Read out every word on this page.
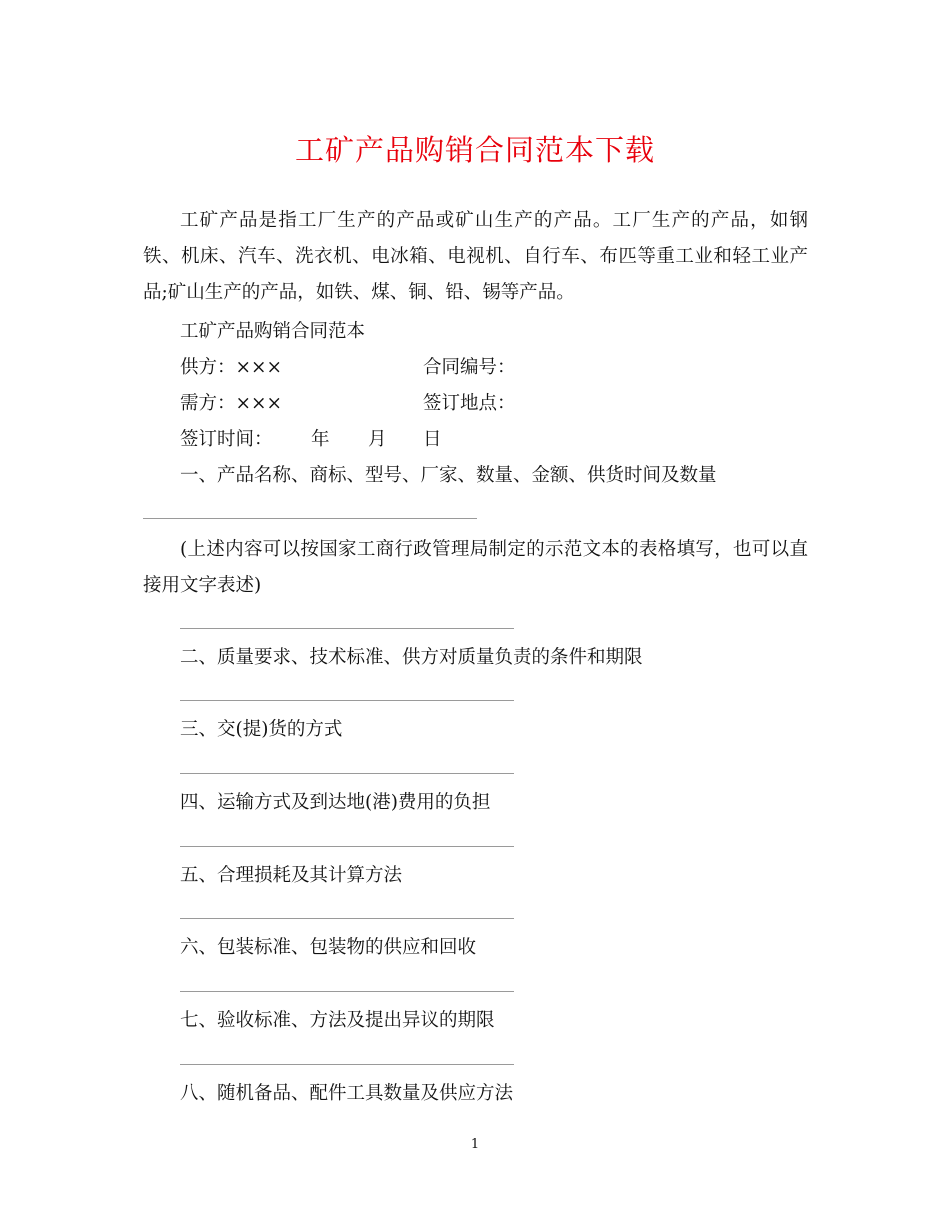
工矿产品购销合同范本下载
工矿产品是指工厂生产的产品或矿山生产的产品。工厂生产的产品，如钢铁、机床、汽车、洗衣机、电冰箱、电视机、自行车、布匹等重工业和轻工业产品;矿山生产的产品，如铁、煤、铜、铅、锡等产品。
工矿产品购销合同范本
供方：×××	合同编号：
需方：×××	签订地点：
签订时间： 年 月 日
一、产品名称、商标、型号、厂家、数量、金额、供货时间及数量
(上述内容可以按国家工商行政管理局制定的示范文本的表格填写，也可以直接用文字表述)
二、质量要求、技术标准、供方对质量负责的条件和期限
三、交(提)货的方式
四、运输方式及到达地(港)费用的负担
五、合理损耗及其计算方法
六、包装标准、包装物的供应和回收
七、验收标准、方法及提出异议的期限
八、随机备品、配件工具数量及供应方法
1
